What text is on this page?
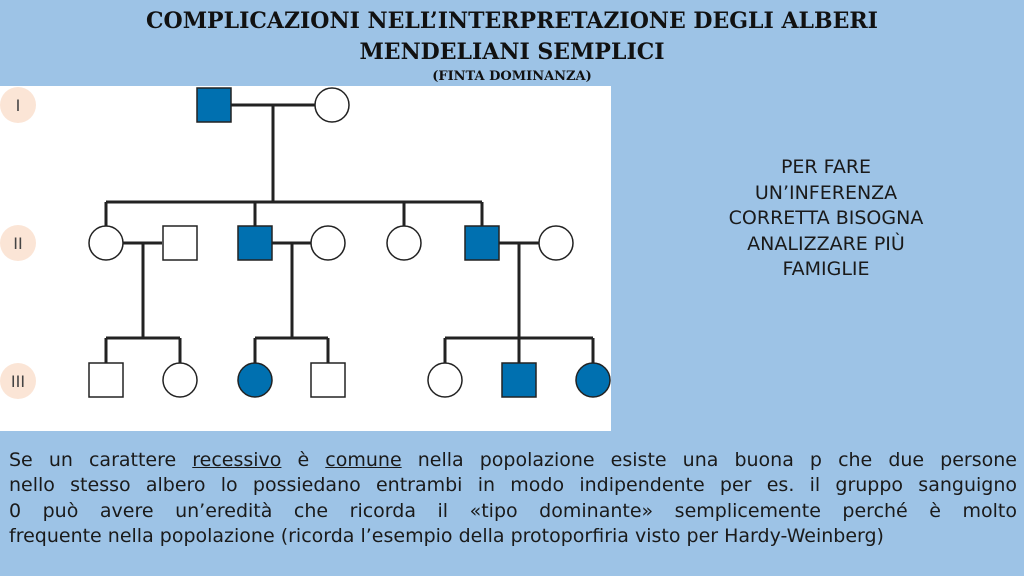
COMPLICAZIONI NELL’INTERPRETAZIONE DEGLI ALBERI
MENDELIANI SEMPLICI
(FINTA DOMINANZA)
I
II
III
PER FARE
UN’INFERENZA
CORRETTA BISOGNA
ANALIZZARE PIÙ
FAMIGLIE
Se un carattere recessivo è comune nella popolazione esiste una buona p che due persone
nello stesso albero lo possiedano entrambi in modo indipendente per es. il gruppo sanguigno
0 può avere un’eredità che ricorda il «tipo dominante» semplicemente perché è molto
frequente nella popolazione (ricorda l’esempio della protoporfiria visto per Hardy-Weinberg)
